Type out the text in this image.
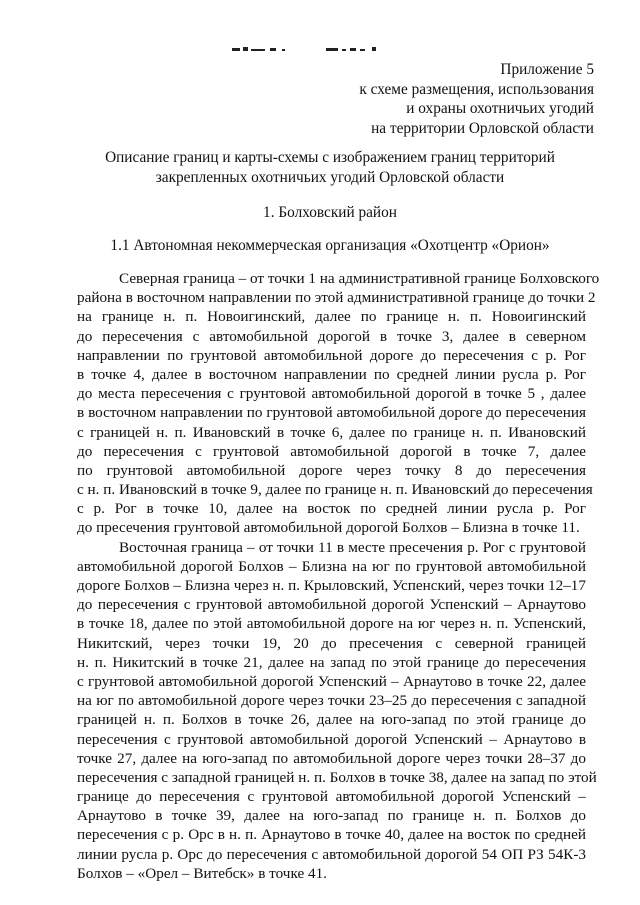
Приложение 5
к схеме размещения, использования
и охраны охотничьих угодий
на территории Орловской области
Описание границ и карты-схемы с изображением границ территорий
закрепленных охотничьих угодий Орловской области
1. Болховский район
1.1 Автономная некоммерческая организация «Охотцентр «Орион»
Северная граница – от точки 1 на административной границе Болховского
района в восточном направлении по этой административной границе до точки 2
на границе н. п. Новоигинский, далее по границе н. п. Новоигинский
до пересечения с автомобильной дорогой в точке 3, далее в северном
направлении по грунтовой автомобильной дороге до пересечения с р. Рог
в точке 4, далее в восточном направлении по средней линии русла р. Рог
до места пересечения с грунтовой автомобильной дорогой в точке 5 , далее
в восточном направлении по грунтовой автомобильной дороге до пересечения
с границей н. п. Ивановский в точке 6, далее по границе н. п. Ивановский
до пересечения с грунтовой автомобильной дорогой в точке 7, далее
по грунтовой автомобильной дороге через точку 8 до пересечения
с н. п. Ивановский в точке 9, далее по границе н. п. Ивановский до пересечения
с р. Рог в точке 10, далее на восток по средней линии русла р. Рог
до пресечения грунтовой автомобильной дорогой Болхов – Близна в точке 11.
Восточная граница – от точки 11 в месте пресечения р. Рог с грунтовой
автомобильной дорогой Болхов – Близна на юг по грунтовой автомобильной
дороге Болхов – Близна через н. п. Крыловский, Успенский, через точки 12–17
до пересечения с грунтовой автомобильной дорогой Успенский – Арнаутово
в точке 18, далее по этой автомобильной дороге на юг через н. п. Успенский,
Никитский, через точки 19, 20 до пресечения с северной границей
н. п. Никитский в точке 21, далее на запад по этой границе до пересечения
с грунтовой автомобильной дорогой Успенский – Арнаутово в точке 22, далее
на юг по автомобильной дороге через точки 23–25 до пересечения с западной
границей н. п. Болхов в точке 26, далее на юго-запад по этой границе до
пересечения с грунтовой автомобильной дорогой Успенский – Арнаутово в
точке 27, далее на юго-запад по автомобильной дороге через точки 28–37 до
пересечения с западной границей н. п. Болхов в точке 38, далее на запад по этой
границе до пересечения с грунтовой автомобильной дорогой Успенский –
Арнаутово в точке 39, далее на юго-запад по границе н. п. Болхов до
пересечения с р. Орс в н. п. Арнаутово в точке 40, далее на восток по средней
линии русла р. Орс до пересечения с автомобильной дорогой 54 ОП РЗ 54К-3
Болхов – «Орел – Витебск» в точке 41.
